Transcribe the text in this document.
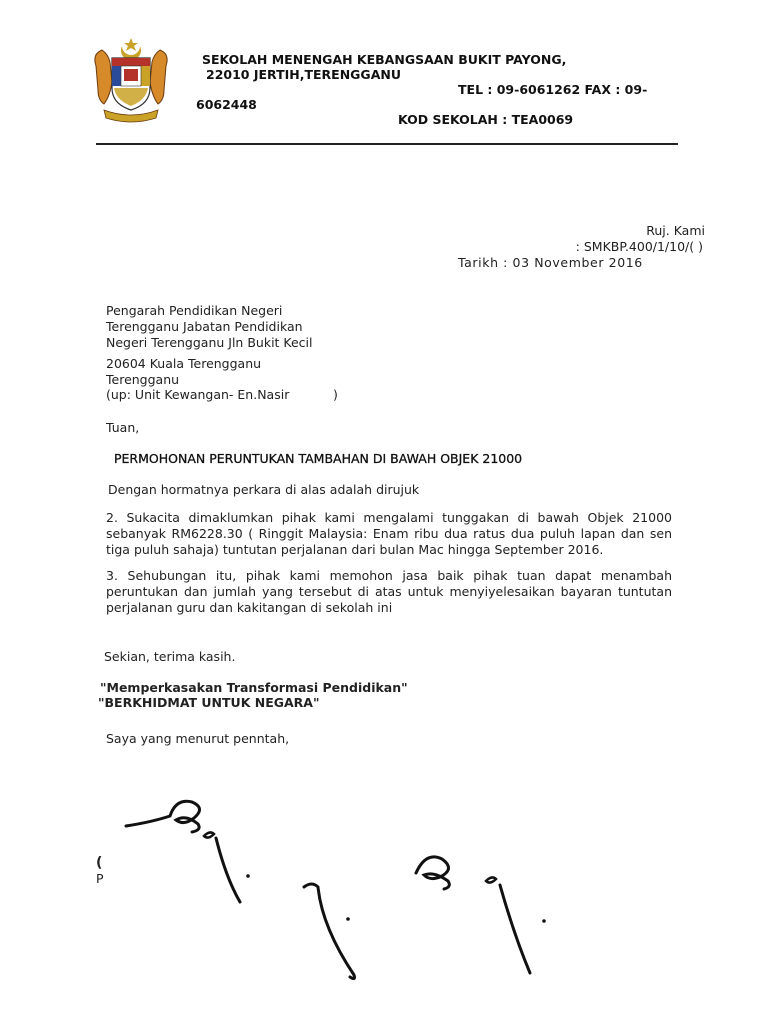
SEKOLAH MENENGAH KEBANGSAAN BUKIT PAYONG,
22010 JERTIH,TERENGGANU
TEL : 09-6061262 FAX : 09-
6062448
KOD SEKOLAH : TEA0069
Ruj. Kami
: SMKBP.400/1/10/( )
Tarikh : 03 November 2016
Pengarah Pendidikan Negeri
Terengganu Jabatan Pendidikan
Negeri Terengganu Jln Bukit Kecil
20604 Kuala Terengganu
Terengganu
(up: Unit Kewangan- En.Nasir           )
Tuan,
PERMOHONAN PERUNTUKAN TAMBAHAN DI BAWAH OBJEK 21000
Dengan hormatnya perkara di alas adalah dirujuk
2. Sukacita dimaklumkan pihak kami mengalami tunggakan di bawah Objek 21000 sebanyak RM6228.30 ( Ringgit Malaysia: Enam ribu dua ratus dua puluh lapan dan sen tiga puluh sahaja) tuntutan perjalanan dari bulan Mac hingga September 2016.
3. Sehubungan itu, pihak kami memohon jasa baik pihak tuan dapat menambah peruntukan dan jumlah yang tersebut di atas untuk menyiyelesaikan bayaran tuntutan perjalanan guru dan kakitangan di sekolah ini
Sekian, terima kasih.
"Memperkasakan Transformasi Pendidikan"
"BERKHIDMAT UNTUK NEGARA"
Saya yang menurut penntah,
(
P
